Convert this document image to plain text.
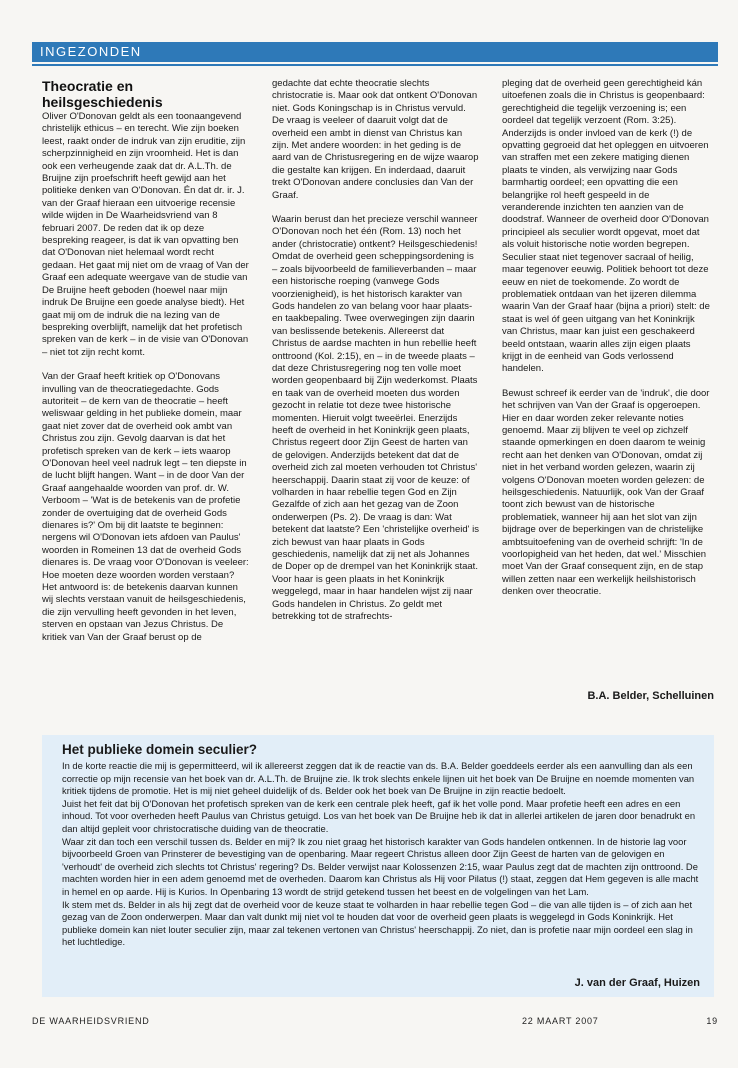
INGEZONDEN
Theocratie en heilsgeschiedenis

Oliver O'Donovan geldt als een toonaangevend christelijk ethicus – en terecht. Wie zijn boeken leest, raakt onder de indruk van zijn eruditie, zijn scherpzinnigheid en zijn vroomheid. Het is dan ook een verheugende zaak dat dr. A.L.Th. de Bruijne zijn proefschrift heeft gewijd aan het politieke denken van O'Donovan. Én dat dr. ir. J. van der Graaf hieraan een uitvoerige recensie wilde wijden in De Waarheidsvriend van 8 februari 2007. De reden dat ik op deze bespreking reageer, is dat ik van opvatting ben dat O'Donovan niet helemaal wordt recht gedaan. Het gaat mij niet om de vraag of Van der Graaf een adequate weergave van de studie van De Bruijne heeft geboden (hoewel naar mijn indruk De Bruijne een goede analyse biedt). Het gaat mij om de indruk die na lezing van de bespreking overblijft, namelijk dat het profetisch spreken van de kerk – in de visie van O'Donovan – niet tot zijn recht komt.

Van der Graaf heeft kritiek op O'Donovans invulling van de theocratiegedachte. Gods autoriteit – de kern van de theocratie – heeft weliswaar gelding in het publieke domein, maar gaat niet zover dat de overheid ook ambt van Christus zou zijn. Gevolg daarvan is dat het profetisch spreken van de kerk – iets waarop O'Donovan heel veel nadruk legt – ten diepste in de lucht blijft hangen. Want – in de door Van der Graaf aangehaalde woorden van prof. dr. W. Verboom – 'Wat is de betekenis van de profetie zonder de overtuiging dat de overheid Gods dienares is?' Om bij dit laatste te beginnen: nergens wil O'Donovan iets afdoen van Paulus' woorden in Romeinen 13 dat de overheid Gods dienares is. De vraag voor O'Donovan is veeleer: Hoe moeten deze woorden worden verstaan? Het antwoord is: de betekenis daarvan kunnen wij slechts verstaan vanuit de heilsgeschiedenis, die zijn vervulling heeft gevonden in het leven, sterven en opstaan van Jezus Christus. De kritiek van Van der Graaf berust op de

gedachte dat echte theocratie slechts christocratie is. Maar ook dat ontkent O'Donovan niet. Gods Koningschap is in Christus vervuld. De vraag is veeleer of daaruit volgt dat de overheid een ambt in dienst van Christus kan zijn. Met andere woorden: in het geding is de aard van de Christusregering en de wijze waarop die gestalte kan krijgen. En inderdaad, daaruit trekt O'Donovan andere conclusies dan Van der Graaf.

Waarin berust dan het precieze verschil wanneer O'Donovan noch het één (Rom. 13) noch het ander (christocratie) ontkent? Heilsgeschiedenis! Omdat de overheid geen scheppingsordening is – zoals bijvoorbeeld de familieverbanden – maar een historische roeping (vanwege Gods voorzienigheid), is het historisch karakter van Gods handelen zo van belang voor haar plaats- en taakbepaling. Twee overwegingen zijn daarin van beslissende betekenis. Allereerst dat Christus de aardse machten in hun rebellie heeft onttroond (Kol. 2:15), en – in de tweede plaats – dat deze Christusregering nog ten volle moet worden geopenbaard bij Zijn wederkomst. Plaats en taak van de overheid moeten dus worden gezocht in relatie tot deze twee historische momenten. Hieruit volgt tweeërlei. Enerzijds heeft de overheid in het Koninkrijk geen plaats, Christus regeert door Zijn Geest de harten van de gelovigen. Anderzijds betekent dat dat de overheid zich zal moeten verhouden tot Christus' heerschappij. Daarin staat zij voor de keuze: of volharden in haar rebellie tegen God en Zijn Gezalfde of zich aan het gezag van de Zoon onderwerpen (Ps. 2). De vraag is dan: Wat betekent dat laatste? Een 'christelijke overheid' is zich bewust van haar plaats in Gods geschiedenis, namelijk dat zij net als Johannes de Doper op de drempel van het Koninkrijk staat. Voor haar is geen plaats in het Koninkrijk weggelegd, maar in haar handelen wijst zij naar Gods handelen in Christus. Zo geldt met betrekking tot de strafrechts-

pleging dat de overheid geen gerechtigheid kán uitoefenen zoals die in Christus is geopenbaard: gerechtigheid die tegelijk verzoening is; een oordeel dat tegelijk verzoent (Rom. 3:25). Anderzijds is onder invloed van de kerk (!) de opvatting gegroeid dat het opleggen en uitvoeren van straffen met een zekere matiging dienen plaats te vinden, als verwijzing naar Gods barmhartig oordeel; een opvatting die een belangrijke rol heeft gespeeld in de veranderende inzichten ten aanzien van de doodstraf. Wanneer de overheid door O'Donovan principieel als seculier wordt opgevat, moet dat als voluit historische notie worden begrepen. Seculier staat niet tegenover sacraal of heilig, maar tegenover eeuwig. Politiek behoort tot deze eeuw en niet de toekomende. Zo wordt de problematiek ontdaan van het ijzeren dilemma waarin Van der Graaf haar (bijna a priori) stelt: de staat is wel óf geen uitgang van het Koninkrijk van Christus, maar kan juist een geschakeerd beeld ontstaan, waarin alles zijn eigen plaats krijgt in de eenheid van Gods verlossend handelen.

Bewust schreef ik eerder van de 'indruk', die door het schrijven van Van der Graaf is opgeroepen. Hier en daar worden zeker relevante noties genoemd. Maar zij blijven te veel op zichzelf staande opmerkingen en doen daarom te weinig recht aan het denken van O'Donovan, omdat zij niet in het verband worden gelezen, waarin zij volgens O'Donovan moeten worden gelezen: de heilsgeschiedenis. Natuurlijk, ook Van der Graaf toont zich bewust van de historische problematiek, wanneer hij aan het slot van zijn bijdrage over de beperkingen van de christelijke ambtsuitoefening van de overheid schrijft: 'In de voorlopigheid van het heden, dat wel.' Misschien moet Van der Graaf consequent zijn, en de stap willen zetten naar een werkelijk heilshistorisch denken over theocratie.

B.A. Belder, Schelluinen
Het publieke domein seculier?

In de korte reactie die mij is gepermitteerd, wil ik allereerst zeggen dat ik de reactie van ds. B.A. Belder goeddeels eerder als een aanvulling dan als een correctie op mijn recensie van het boek van dr. A.L.Th. de Bruijne zie. Ik trok slechts enkele lijnen uit het boek van De Bruijne en noemde momenten van kritiek tijdens de promotie. Het is mij niet geheel duidelijk of ds. Belder ook het boek van De Bruijne in zijn reactie bedoelt.

Juist het feit dat bij O'Donovan het profetisch spreken van de kerk een centrale plek heeft, gaf ik het volle pond. Maar profetie heeft een adres en een inhoud. Tot voor overheden heeft Paulus van Christus getuigd. Los van het boek van De Bruijne heb ik dat in allerlei artikelen de jaren door benadrukt en dan altijd gepleit voor christocratische duiding van de theocratie.

Waar zit dan toch een verschil tussen ds. Belder en mij? Ik zou niet graag het historisch karakter van Gods handelen ontkennen. In de historie lag voor bijvoorbeeld Groen van Prinsterer de bevestiging van de openbaring. Maar regeert Christus alleen door Zijn Geest de harten van de gelovigen en 'verhoudt' de overheid zich slechts tot Christus' regering? Ds. Belder verwijst naar Kolossenzen 2:15, waar Paulus zegt dat de machten zijn onttroond. De machten worden hier in een adem genoemd met de overheden. Daarom kan Christus als Hij voor Pilatus (!) staat, zeggen dat Hem gegeven is alle macht in hemel en op aarde. Hij is Kurios. In Openbaring 13 wordt de strijd getekend tussen het beest en de volgelingen van het Lam.

Ik stem met ds. Belder in als hij zegt dat de overheid voor de keuze staat te volharden in haar rebellie tegen God – die van alle tijden is – of zich aan het gezag van de Zoon onderwerpen. Maar dan valt dunkt mij niet vol te houden dat voor de overheid geen plaats is weggelegd in Gods Koninkrijk. Het publieke domein kan niet louter seculier zijn, maar zal tekenen vertonen van Christus' heerschappij. Zo niet, dan is profetie naar mijn oordeel een slag in het luchtledige.

J. van der Graaf, Huizen
DE WAARHEIDSVRIEND	22 MAART 2007	19
